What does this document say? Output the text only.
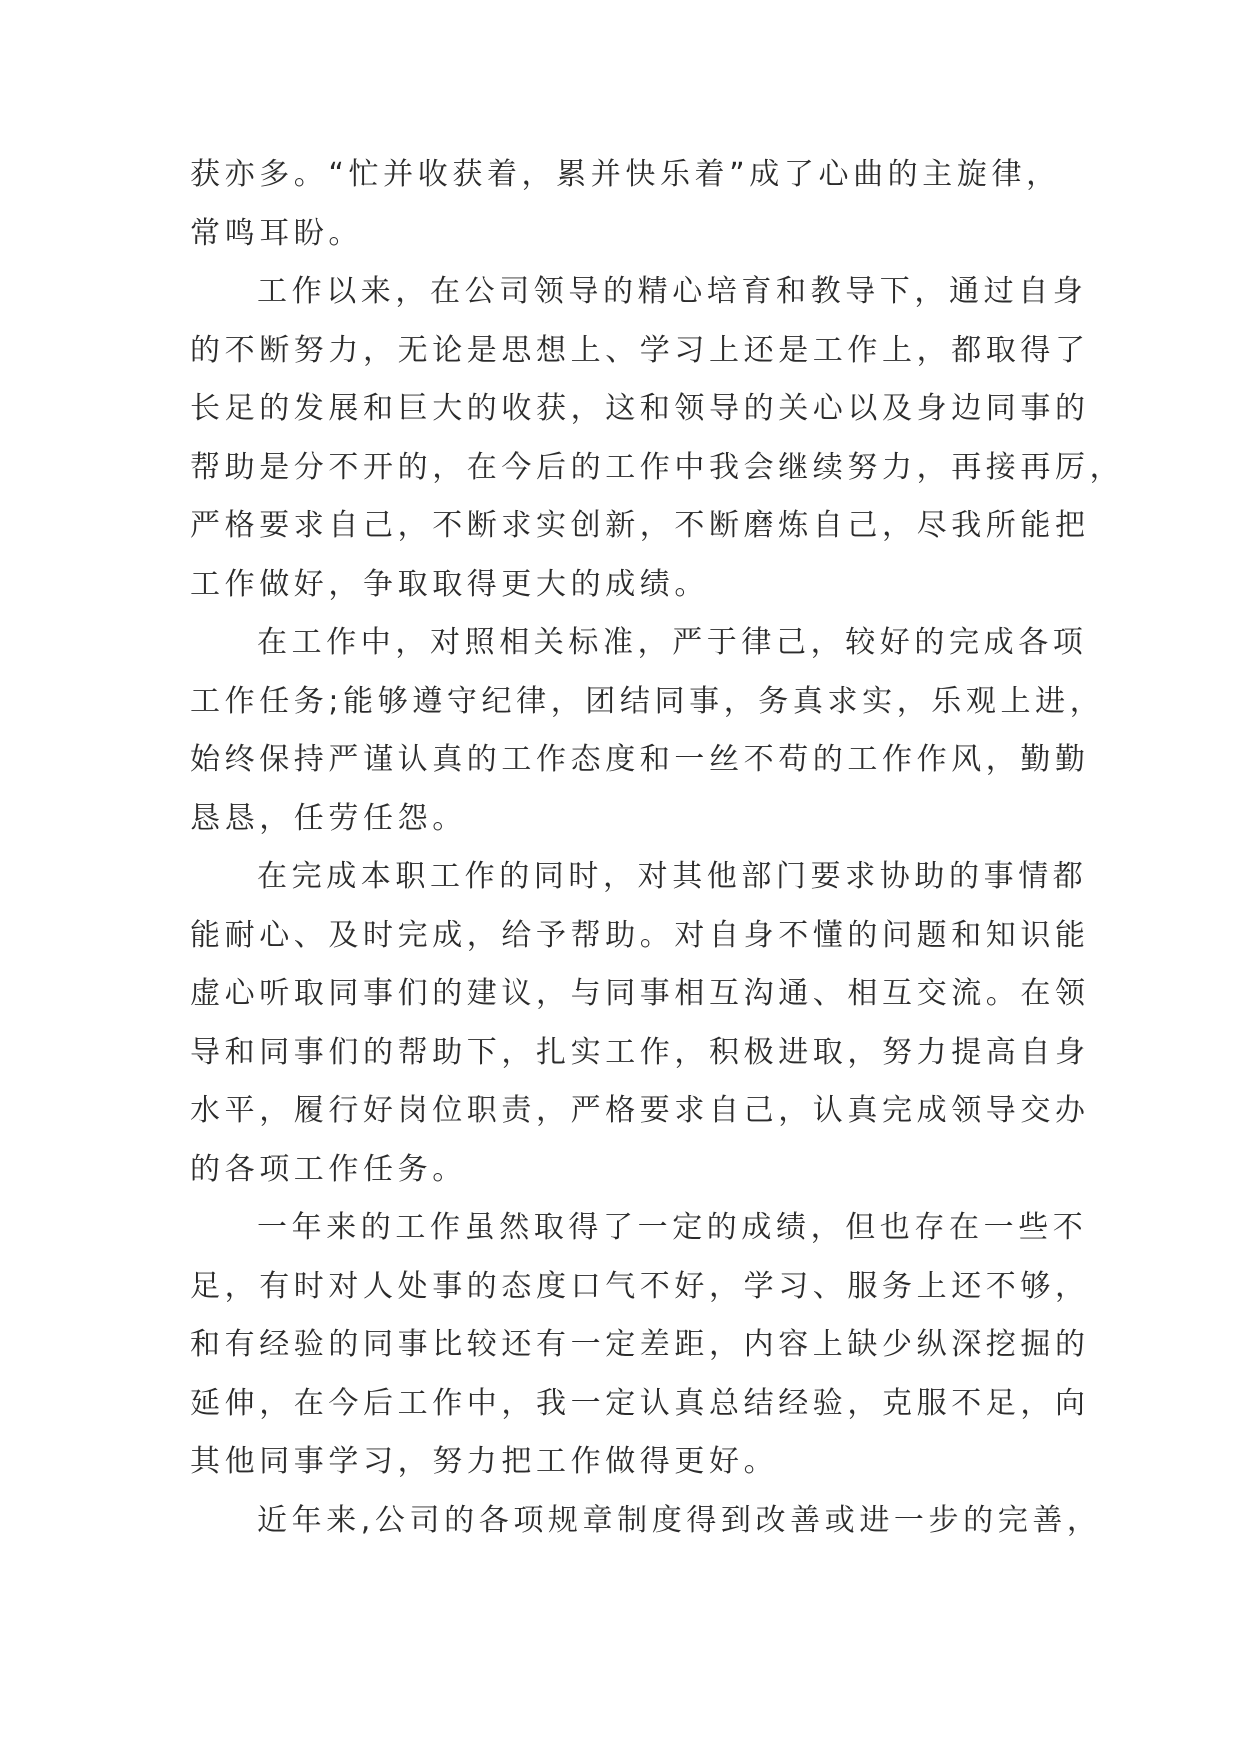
获亦多。“忙并收获着，累并快乐着”成了心曲的主旋律，
常鸣耳盼。
工作以来，在公司领导的精心培育和教导下，通过自身
的不断努力，无论是思想上、学习上还是工作上，都取得了
长足的发展和巨大的收获，这和领导的关心以及身边同事的
帮助是分不开的，在今后的工作中我会继续努力，再接再厉，
严格要求自己，不断求实创新，不断磨炼自己，尽我所能把
工作做好，争取取得更大的成绩。
在工作中，对照相关标准，严于律己，较好的完成各项
工作任务;能够遵守纪律，团结同事，务真求实，乐观上进，
始终保持严谨认真的工作态度和一丝不苟的工作作风，勤勤
恳恳，任劳任怨。
在完成本职工作的同时，对其他部门要求协助的事情都
能耐心、及时完成，给予帮助。对自身不懂的问题和知识能
虚心听取同事们的建议，与同事相互沟通、相互交流。在领
导和同事们的帮助下，扎实工作，积极进取，努力提高自身
水平，履行好岗位职责，严格要求自己，认真完成领导交办
的各项工作任务。
一年来的工作虽然取得了一定的成绩，但也存在一些不
足，有时对人处事的态度口气不好，学习、服务上还不够，
和有经验的同事比较还有一定差距，内容上缺少纵深挖掘的
延伸，在今后工作中，我一定认真总结经验，克服不足，向
其他同事学习，努力把工作做得更好。
近年来,公司的各项规章制度得到改善或进一步的完善，
